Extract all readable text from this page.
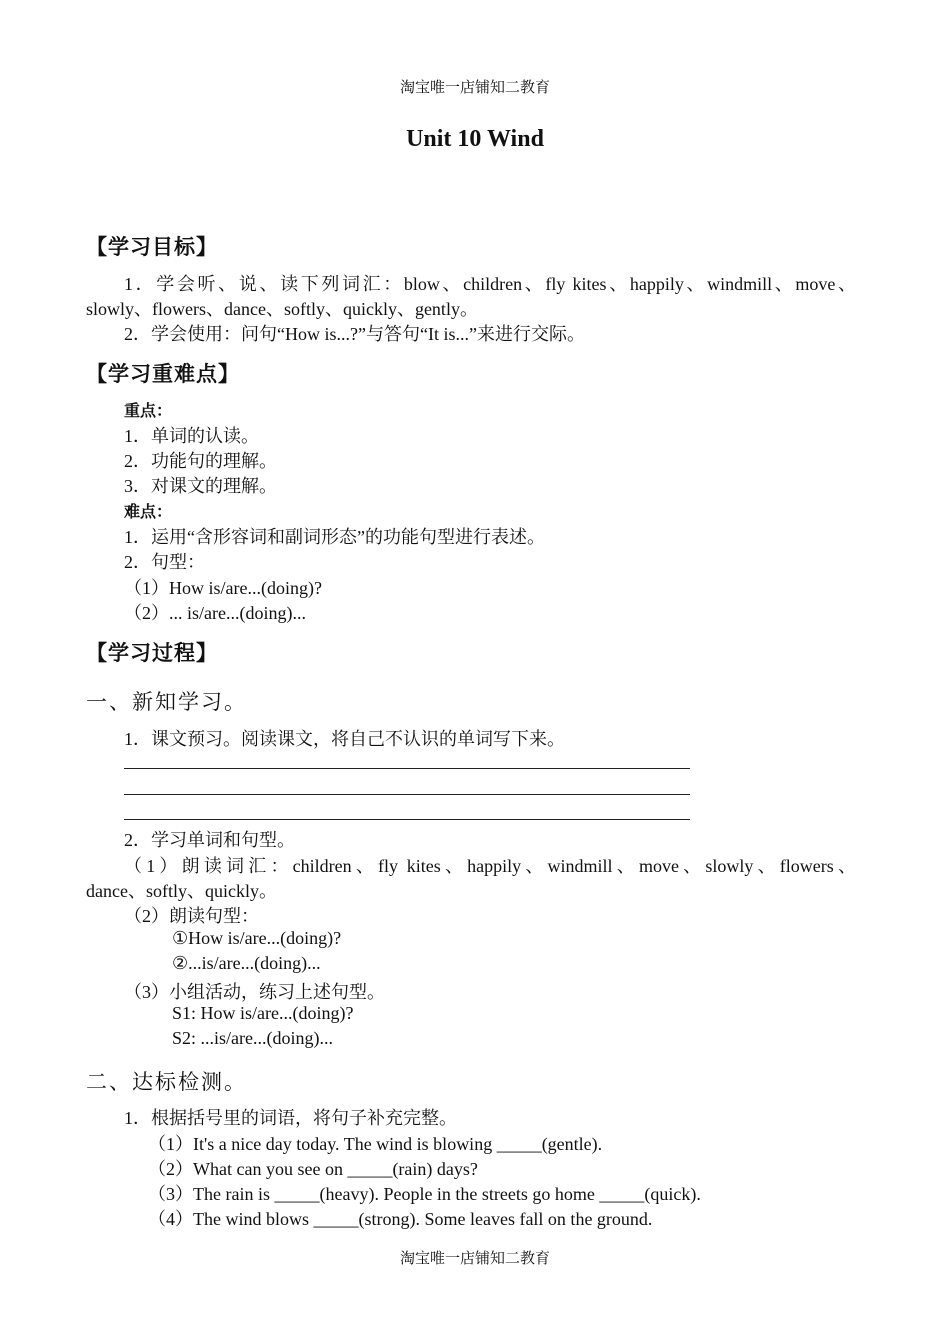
淘宝唯一店铺知二教育
Unit 10 Wind
【学习目标】
1．学会听、说、读下列词汇：blow、children、fly kites、happily、windmill、move、
slowly、flowers、dance、softly、quickly、gently。
2．学会使用：问句“How is...?”与答句“It is...”来进行交际。
【学习重难点】
重点：
1．单词的认读。
2．功能句的理解。
3．对课文的理解。
难点：
1．运用“含形容词和副词形态”的功能句型进行表述。
2．句型：
（1）How is/are...(doing)?
（2）... is/are...(doing)...
【学习过程】
一、新知学习。
1．课文预习。阅读课文，将自己不认识的单词写下来。
2．学习单词和句型。
（1）朗读词汇：children、fly kites、happily、windmill、move、slowly、flowers、
dance、softly、quickly。
（2）朗读句型：
①How is/are...(doing)?
②...is/are...(doing)...
（3）小组活动，练习上述句型。
S1: How is/are...(doing)?
S2: ...is/are...(doing)...
二、达标检测。
1．根据括号里的词语，将句子补充完整。
（1）It's a nice day today. The wind is blowing _____(gentle).
（2）What can you see on _____(rain) days?
（3）The rain is _____(heavy). People in the streets go home _____(quick).
（4）The wind blows _____(strong). Some leaves fall on the ground.
淘宝唯一店铺知二教育
